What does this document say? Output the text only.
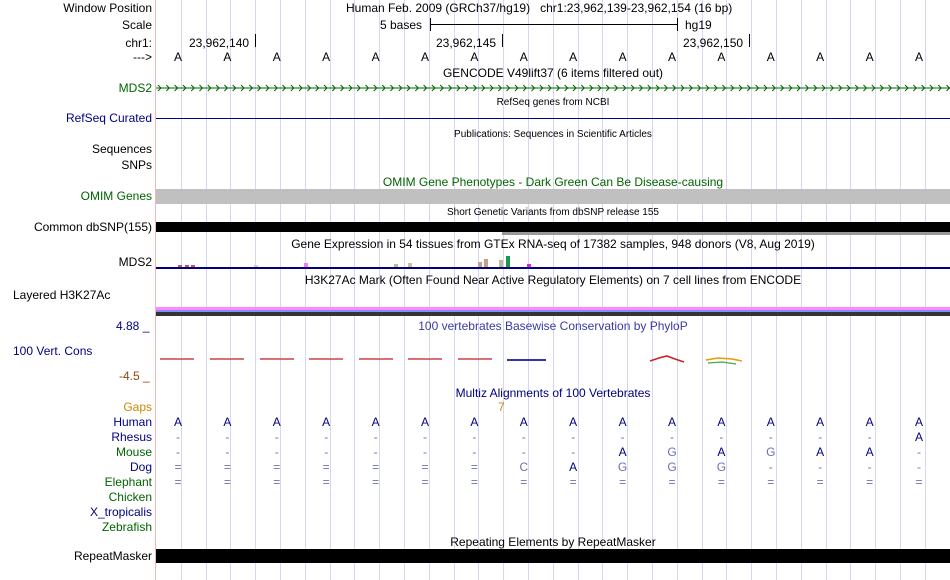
Window Position	Human Feb. 2009 (GRCh37/hg19)   chr1:23,962,139-23,962,154 (16 bp)
Scale	5 bases	hg19
chr1:	23,962,140	23,962,145	23,962,150
--->	A	A	A	A	A	A	A	A	A	A	A	A	A	A	A	A
GENCODE V49lift37 (6 items filtered out)
MDS2
RefSeq genes from NCBI
RefSeq Curated
Publications: Sequences in Scientific Articles
Sequences
SNPs
OMIM Gene Phenotypes - Dark Green Can Be Disease-causing
OMIM Genes
Short Genetic Variants from dbSNP release 155
Common dbSNP(155)
Gene Expression in 54 tissues from GTEx RNA-seq of 17382 samples, 948 donors (V8, Aug 2019)
MDS2
H3K27Ac Mark (Often Found Near Active Regulatory Elements) on 7 cell lines from ENCODE
Layered H3K27Ac
4.88 _	100 vertebrates Basewise Conservation by PhyloP
100 Vert. Cons
-4.5 _
Multiz Alignments of 100 Vertebrates
Gaps	7
Human	A	A	A	A	A	A	A	A	A	A	A	A	A	A	A	A
Rhesus	-	-	-	-	-	-	-	-	-	-	-	-	-	-	-	A
Mouse	-	-	-	-	-	-	-	-	-	A	G	A	G	A	A	-
Dog	=	=	=	=	=	=	=	C	A	G	G	G	-	-	-	-
Elephant	=	=	=	=	=	=	=	=	=	=	=	=	=	=	=	=
Chicken
X_tropicalis
Zebrafish
Repeating Elements by RepeatMasker
RepeatMasker
